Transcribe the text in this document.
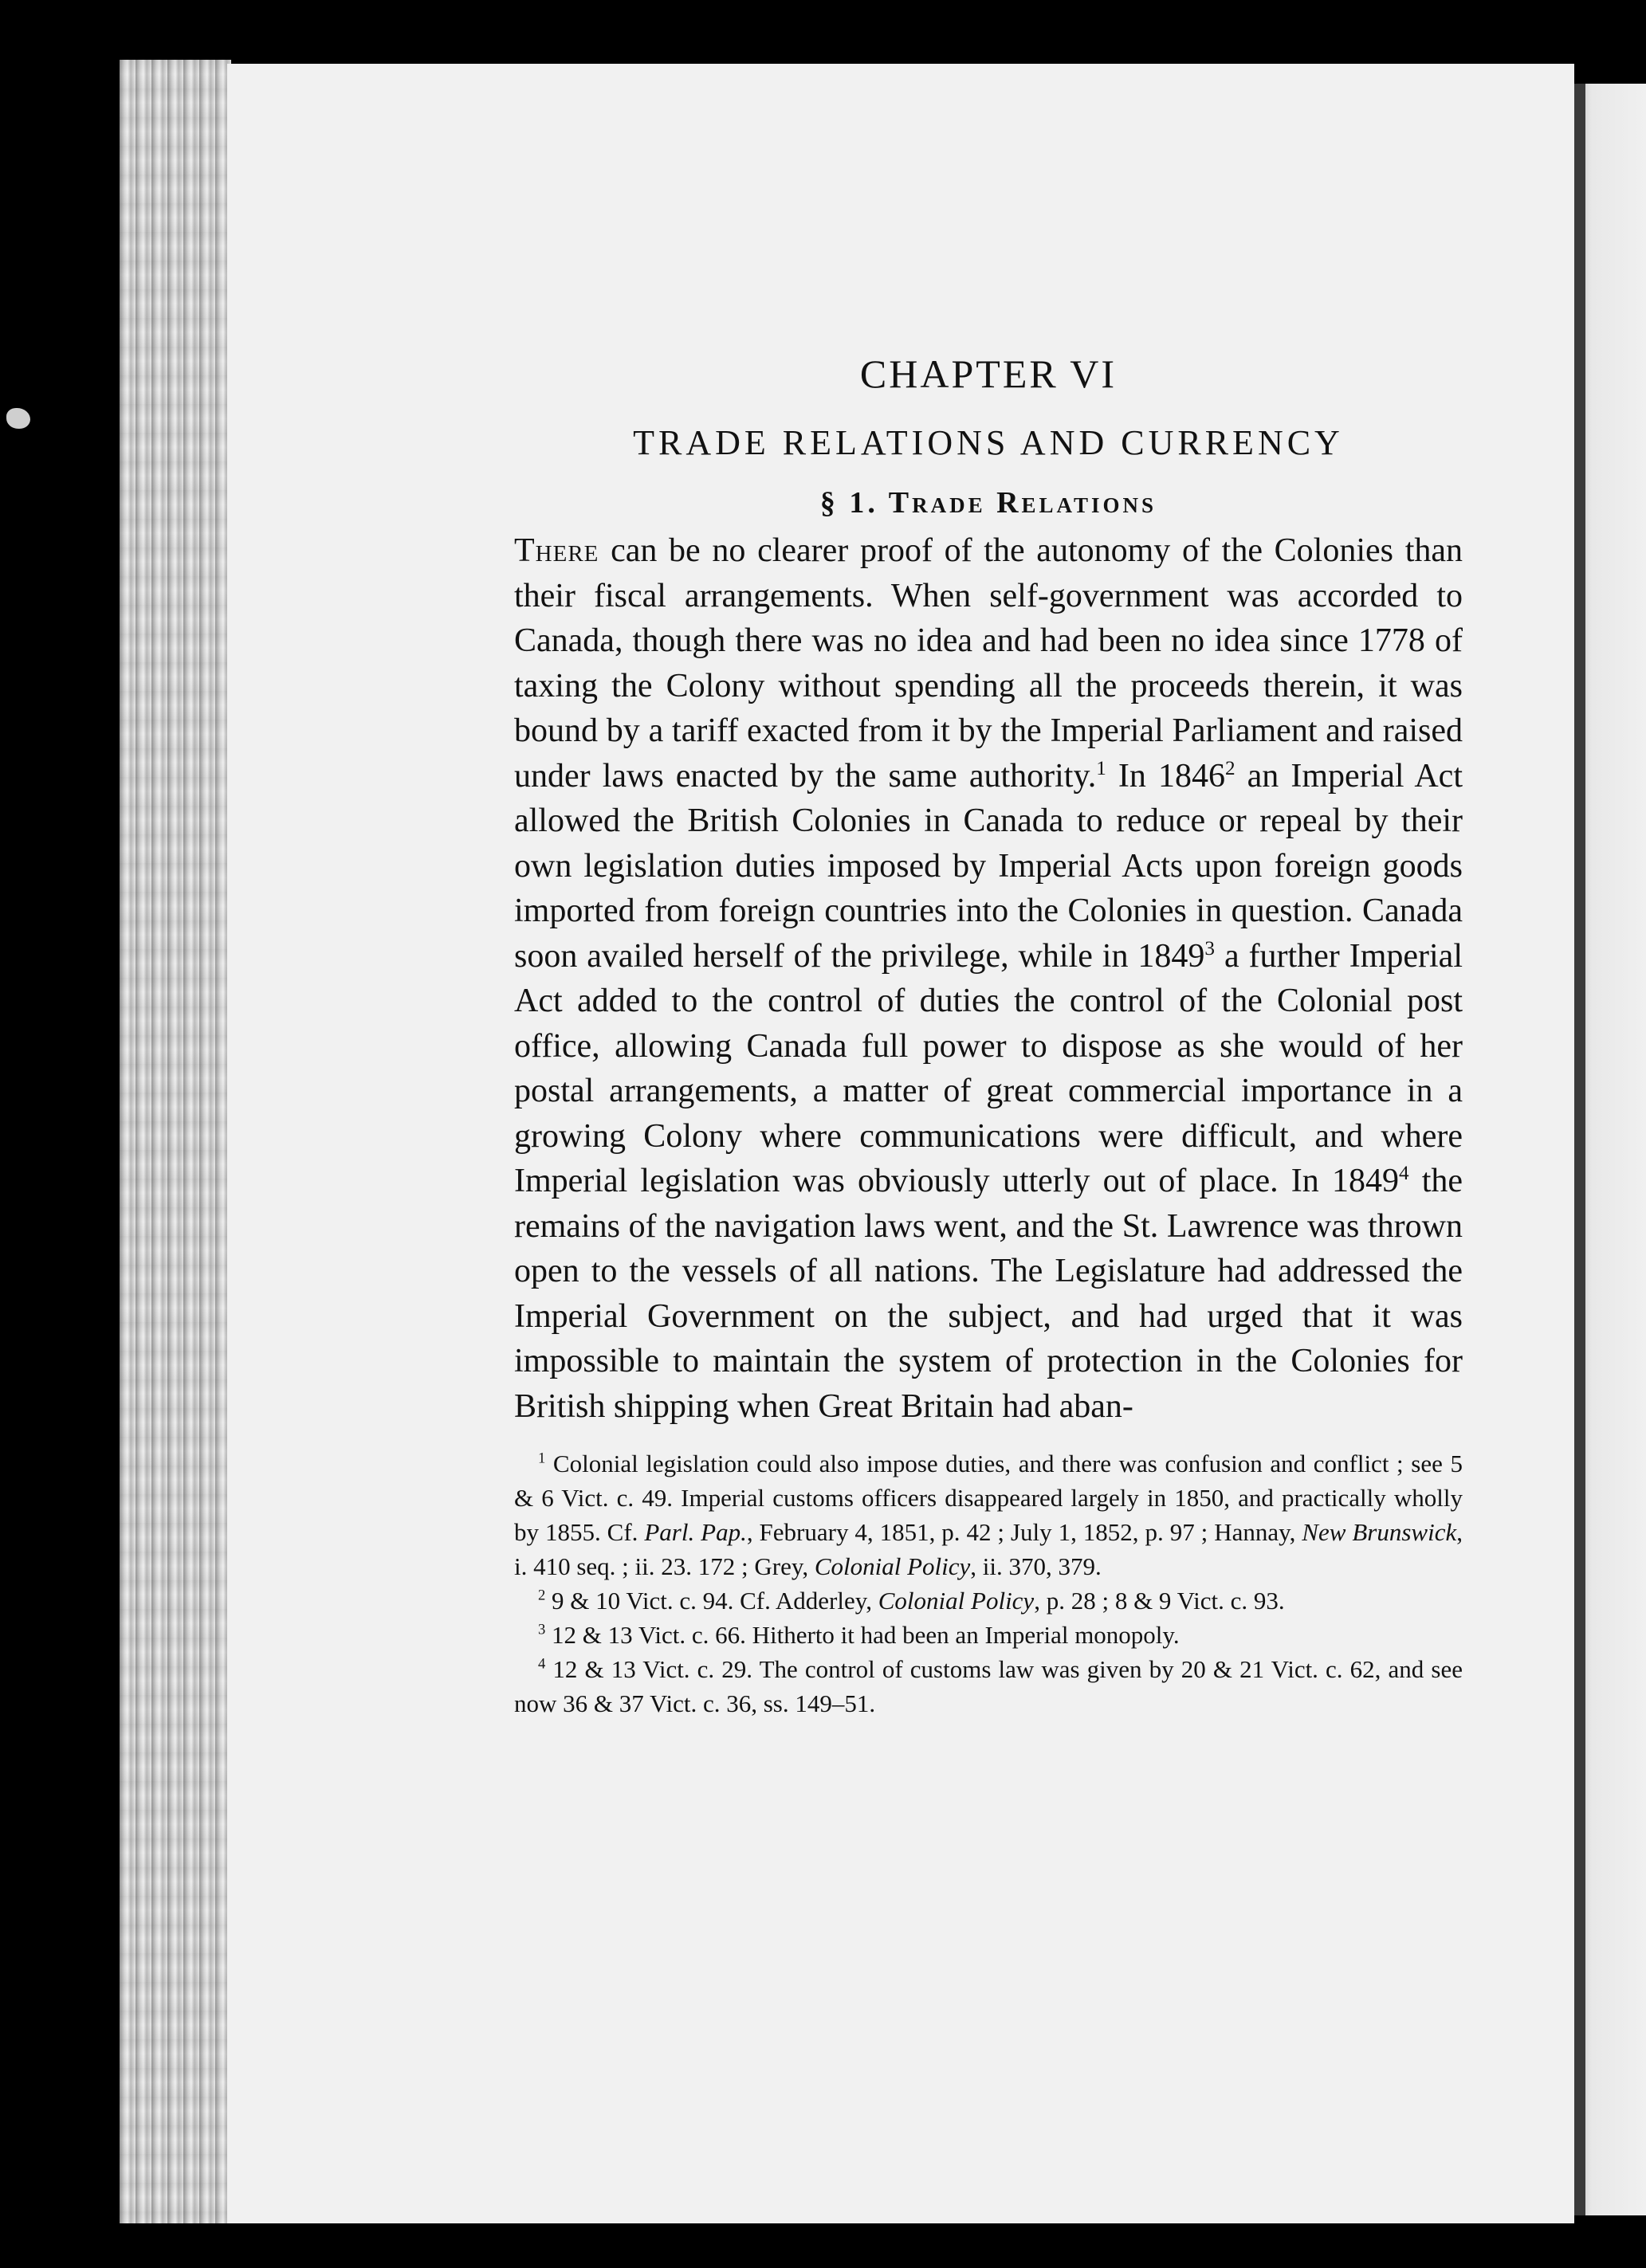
CHAPTER VI
TRADE RELATIONS AND CURRENCY
§ 1. Trade Relations

There can be no clearer proof of the autonomy of the Colonies than their fiscal arrangements. When self-government was accorded to Canada, though there was no idea and had been no idea since 1778 of taxing the Colony without spending all the proceeds therein, it was bound by a tariff exacted from it by the Imperial Parliament and raised under laws enacted by the same authority.$^1$ In 1846$^2$ an Imperial Act allowed the British Colonies in Canada to reduce or repeal by their own legislation duties imposed by Imperial Acts upon foreign goods imported from foreign countries into the Colonies in question. Canada soon availed herself of the privilege, while in 1849$^3$ a further Imperial Act added to the control of duties the control of the Colonial post office, allowing Canada full power to dispose as she would of her postal arrangements, a matter of great commercial importance in a growing Colony where communications were difficult, and where Imperial legislation was obviously utterly out of place. In 1849$^4$ the remains of the navigation laws went, and the St. Lawrence was thrown open to the vessels of all nations. The Legislature had addressed the Imperial Government on the subject, and had urged that it was impossible to maintain the system of protection in the Colonies for British shipping when Great Britain had aban-

$^1$ Colonial legislation could also impose duties, and there was confusion and conflict ; see 5 & 6 Vict. c. 49. Imperial customs officers disappeared largely in 1850, and practically wholly by 1855. Cf. Parl. Pap., February 4, 1851, p. 42 ; July 1, 1852, p. 97 ; Hannay, New Brunswick, i. 410 seq. ; ii. 23. 172 ; Grey, Colonial Policy, ii. 370, 379.

$^2$ 9 & 10 Vict. c. 94. Cf. Adderley, Colonial Policy, p. 28 ; 8 & 9 Vict. c. 93.

$^3$ 12 & 13 Vict. c. 66. Hitherto it had been an Imperial monopoly.

$^4$ 12 & 13 Vict. c. 29. The control of customs law was given by 20 & 21 Vict. c. 62, and see now 36 & 37 Vict. c. 36, ss. 149–51.
